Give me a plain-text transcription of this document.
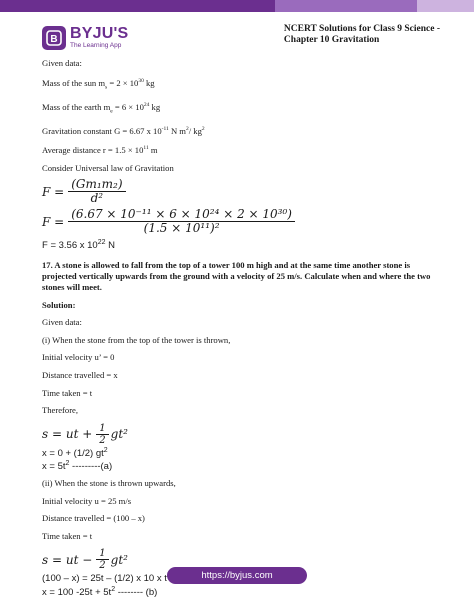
B BYJU'S
The Learning App
NCERT Solutions for Class 9 Science -
Chapter 10 Gravitation
Given data:
Mass of the sun $m_s = 2 \times 10^{30}$ kg
Mass of the earth $m_e = 6 \times 10^{24}$ kg
Gravitation constant G = 6.67 x $10^{-11}$ N $m^2/$ $kg^2$
Average distance $r = 1.5 \times 10^{11}$ m
Consider Universal law of Gravitation
$F = \frac{\text{(Gm₁m₂)}}{\text{d²}}$
$F = \frac{\text{(6.67 × 10⁻¹¹ × 6 × 10²⁴ × 2 × 10³⁰)}}{\text{(1.5 × 10¹¹)²}}$
F = 3.56 x $10^{22}$ N
17. A stone is allowed to fall from the top of a tower 100 m high and at the same time another stone is projected vertically upwards from the ground with a velocity of 25 m/s. Calculate when and where the two stones will meet.
Solution:
Given data:
(i) When the stone from the top of the tower is thrown,
Initial velocity u’ = 0
Distance travelled = x
Time taken = t
Therefore,
s = ut + $\frac{1}{2} gt^2$
x = 0 + (1/2) $gt^2$
$x = 5t^2$ ---------(a)
(ii) When the stone is thrown upwards,
Initial velocity u = 25 m/s
Distance travelled = (100 – x)
Time taken = t
s = ut − $\frac{1}{2} gt^2$
(100 – x) = 25t – (1/2) x 10 x t
x = 100 $-25t + 5t^2$ -------- (b)
https://byjus.com
